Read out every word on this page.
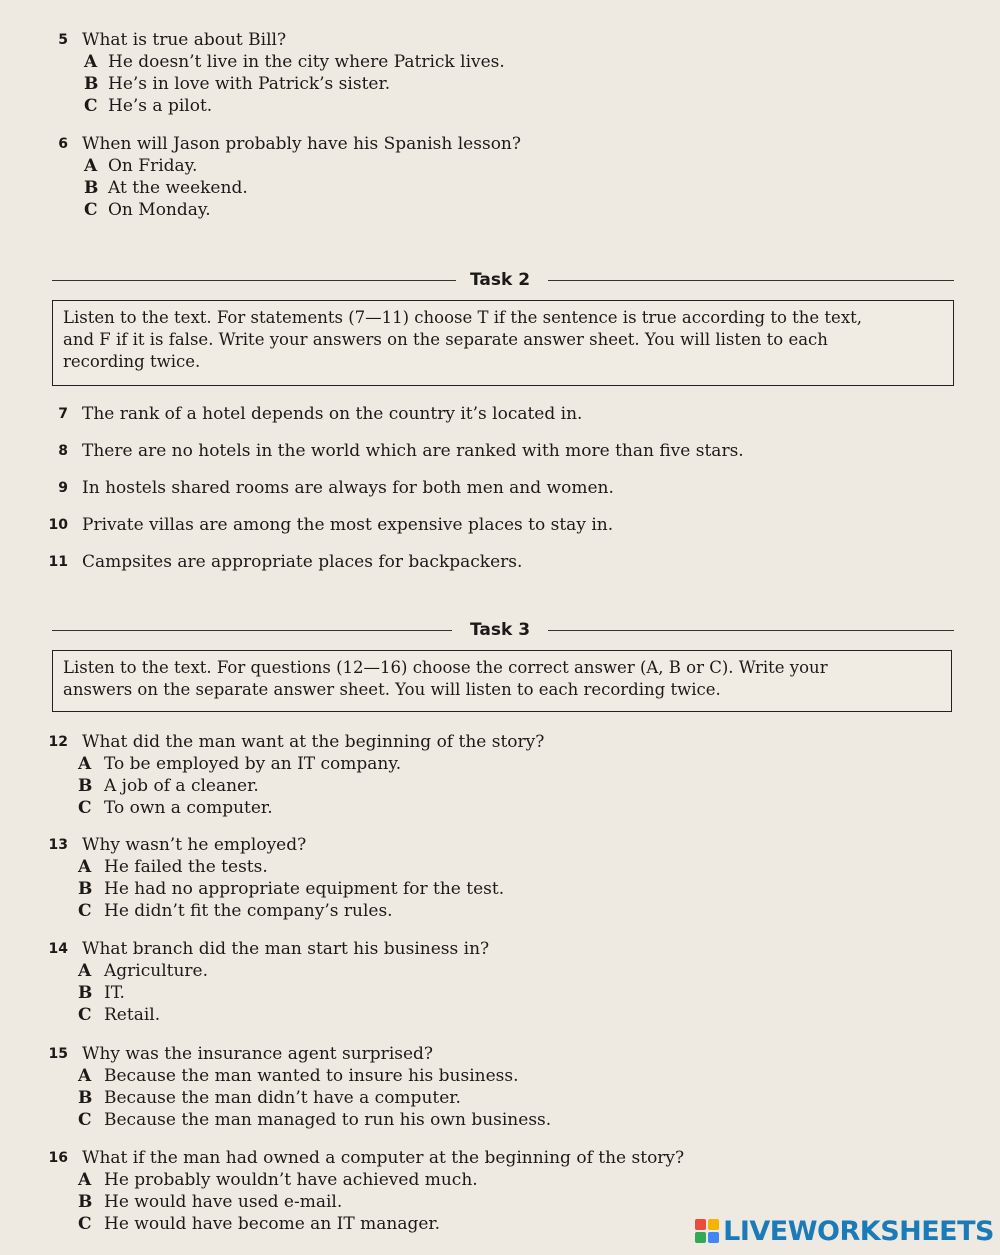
5 What is true about Bill?
A He doesn’t live in the city where Patrick lives.
B He’s in love with Patrick’s sister.
C He’s a pilot.
6 When will Jason probably have his Spanish lesson?
A On Friday.
B At the weekend.
C On Monday.
Task 2
Listen to the text. For statements (7—11) choose T if the sentence is true according to the text,
and F if it is false. Write your answers on the separate answer sheet. You will listen to each
recording twice.
7 The rank of a hotel depends on the country it’s located in.
8 There are no hotels in the world which are ranked with more than five stars.
9 In hostels shared rooms are always for both men and women.
10 Private villas are among the most expensive places to stay in.
11 Campsites are appropriate places for backpackers.
Task 3
Listen to the text. For questions (12—16) choose the correct answer (A, B or C). Write your
answers on the separate answer sheet. You will listen to each recording twice.
12 What did the man want at the beginning of the story?
A To be employed by an IT company.
B A job of a cleaner.
C To own a computer.
13 Why wasn’t he employed?
A He failed the tests.
B He had no appropriate equipment for the test.
C He didn’t fit the company’s rules.
14 What branch did the man start his business in?
A Agriculture.
B IT.
C Retail.
15 Why was the insurance agent surprised?
A Because the man wanted to insure his business.
B Because the man didn’t have a computer.
C Because the man managed to run his own business.
16 What if the man had owned a computer at the beginning of the story?
A He probably wouldn’t have achieved much.
B He would have used e-mail.
C He would have become an IT manager.	LIVEWORKSHEETS
